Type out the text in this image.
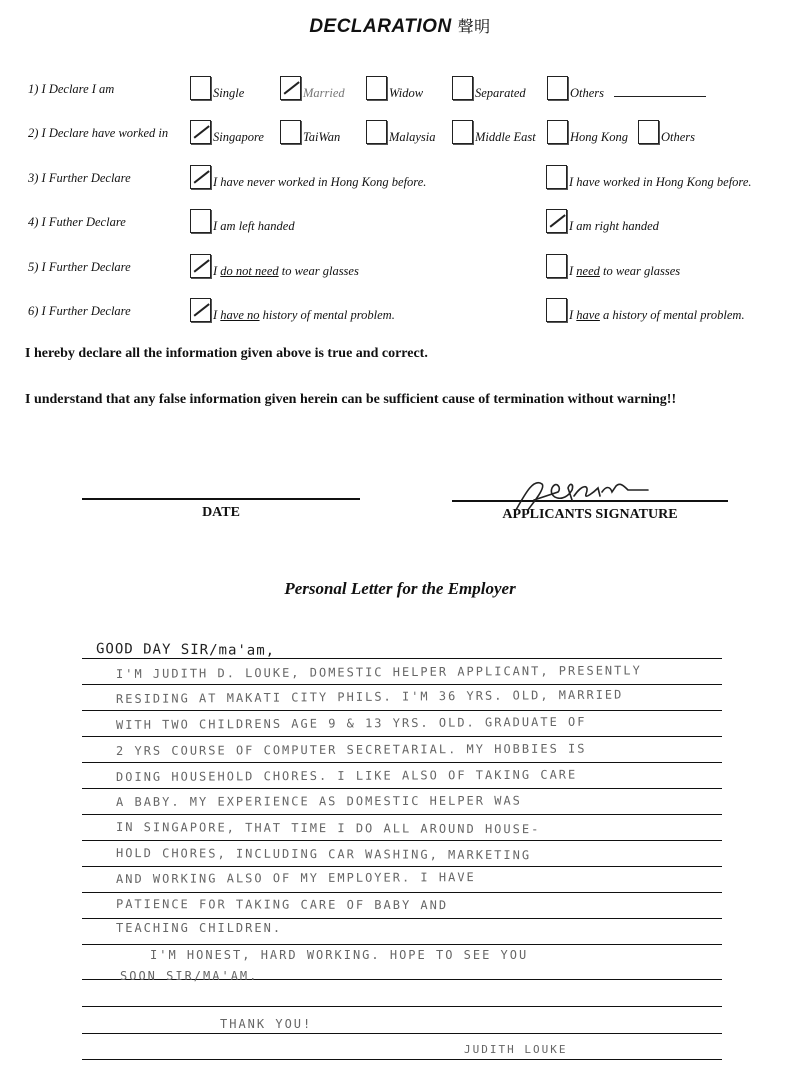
DECLARATION 聲明
1) I Declare I am	Single	Married	Widow	Separated	Others
2) I Declare have worked in	Singapore	TaiWan	Malaysia	Middle East	Hong Kong	Others
3) I Further Declare	I have never worked in Hong Kong before.	I have worked in Hong Kong before.
4) I Futher Declare	I am left handed	I am right handed
5) I Further Declare	I do not need to wear glasses	I need to wear glasses
6) I Further Declare	I have no history of mental problem.	I have a history of mental problem.
I hereby declare all the information given above is true and correct.
I understand that any false information given herein can be sufficient cause of termination without warning!!
DATE	APPLICANTS SIGNATURE
Personal Letter for the Employer
GOOD DAY SIR/ma'am,
I'M JUDITH D. LOUKE, DOMESTIC HELPER APPLICANT, PRESENTLY
RESIDING AT MAKATI CITY PHILS. I'M 36 YRS. OLD, MARRIED
WITH TWO CHILDRENS AGE 9 & 13 YRS. OLD. GRADUATE OF
2 YRS COURSE OF COMPUTER SECRETARIAL. MY HOBBIES IS
DOING HOUSEHOLD CHORES. I LIKE ALSO OF TAKING CARE
A BABY. MY EXPERIENCE AS DOMESTIC HELPER WAS
IN SINGAPORE, THAT TIME I DO ALL AROUND HOUSE-
HOLD CHORES, INCLUDING CAR WASHING, MARKETING
AND WORKING ALSO OF MY EMPLOYER. I HAVE
PATIENCE FOR TAKING CARE OF BABY AND
TEACHING CHILDREN.
I'M HONEST, HARD WORKING. HOPE TO SEE YOU
SOON SIR/MA'AM.
THANK YOU!
JUDITH LOUKE
